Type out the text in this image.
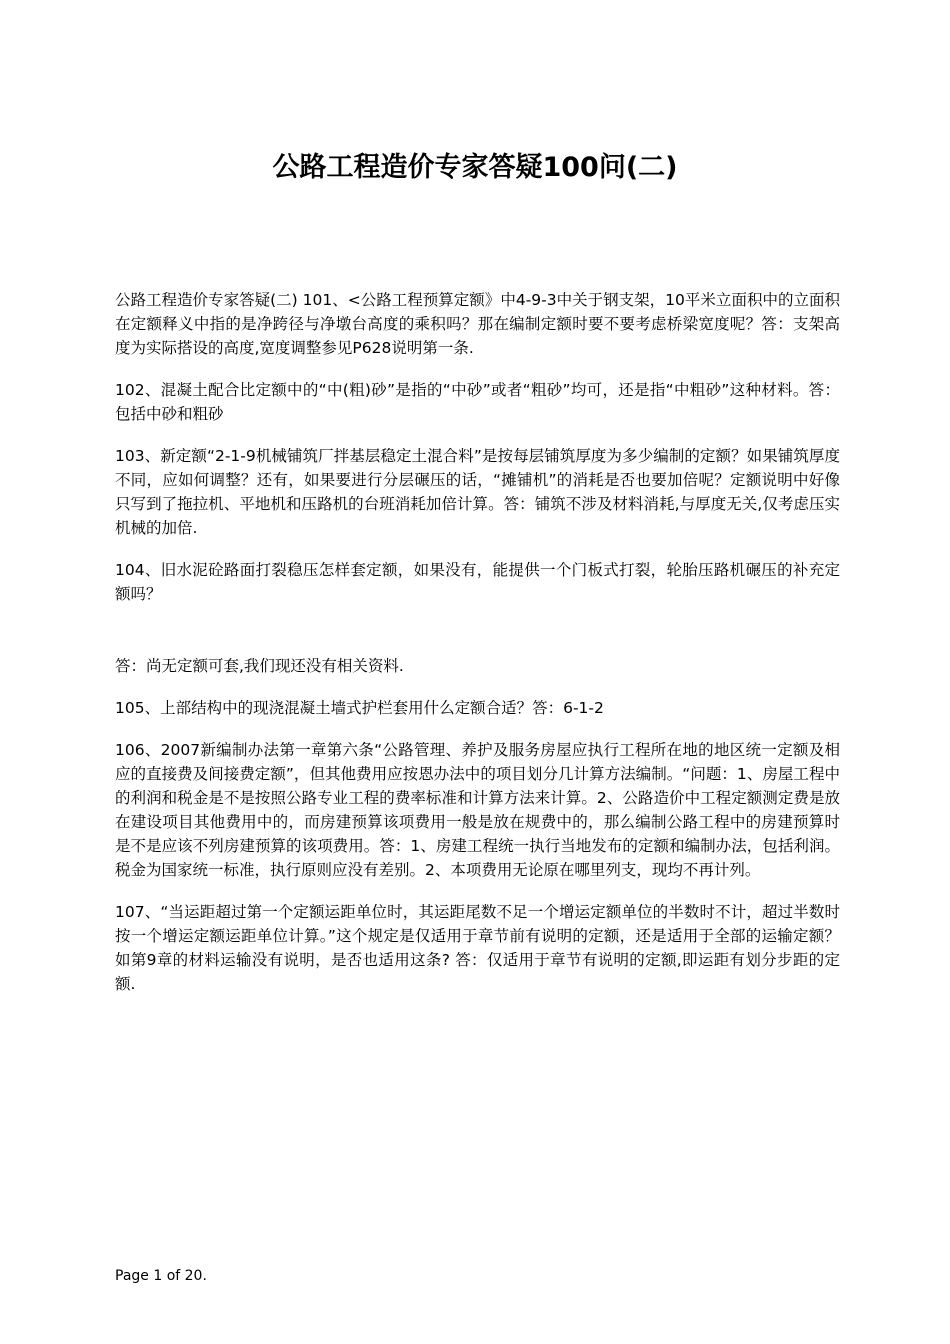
公路工程造价专家答疑100问(二)

公路工程造价专家答疑(二) 101、<公路工程预算定额》中4-9-3中关于钢支架，10平米立面积中的立面积在定额释义中指的是净跨径与净墩台高度的乘积吗？那在编制定额时要不要考虑桥梁宽度呢？答：支架高度为实际搭设的高度,宽度调整参见P628说明第一条.

102、混凝土配合比定额中的“中(粗)砂”是指的“中砂”或者“粗砂”均可，还是指“中粗砂”这种材料。答：包括中砂和粗砂

103、新定额“2-1-9机械铺筑厂拌基层稳定土混合料”是按每层铺筑厚度为多少编制的定额？如果铺筑厚度不同，应如何调整？还有，如果要进行分层碾压的话，“摊铺机”的消耗是否也要加倍呢？定额说明中好像只写到了拖拉机、平地机和压路机的台班消耗加倍计算。答：铺筑不涉及材料消耗,与厚度无关,仅考虑压实机械的加倍.

104、旧水泥砼路面打裂稳压怎样套定额，如果没有，能提供一个门板式打裂，轮胎压路机碾压的补充定额吗？

答：尚无定额可套,我们现还没有相关资料.

105、上部结构中的现浇混凝土墙式护栏套用什么定额合适？答：6-1-2

106、2007新编制办法第一章第六条“公路管理、养护及服务房屋应执行工程所在地的地区统一定额及相应的直接费及间接费定额”，但其他费用应按恩办法中的项目划分几计算方法编制。“问题：1、房屋工程中的利润和税金是不是按照公路专业工程的费率标准和计算方法来计算。2、公路造价中工程定额测定费是放在建设项目其他费用中的，而房建预算该项费用一般是放在规费中的，那么编制公路工程中的房建预算时是不是应该不列房建预算的该项费用。答：1、房建工程统一执行当地发布的定额和编制办法，包括利润。税金为国家统一标准，执行原则应没有差别。2、本项费用无论原在哪里列支，现均不再计列。

107、“当运距超过第一个定额运距单位时，其运距尾数不足一个增运定额单位的半数时不计，超过半数时按一个增运定额运距单位计算。”这个规定是仅适用于章节前有说明的定额，还是适用于全部的运输定额？如第9章的材料运输没有说明，是否也适用这条? 答：仅适用于章节有说明的定额,即运距有划分步距的定额.

Page 1 of 20.
